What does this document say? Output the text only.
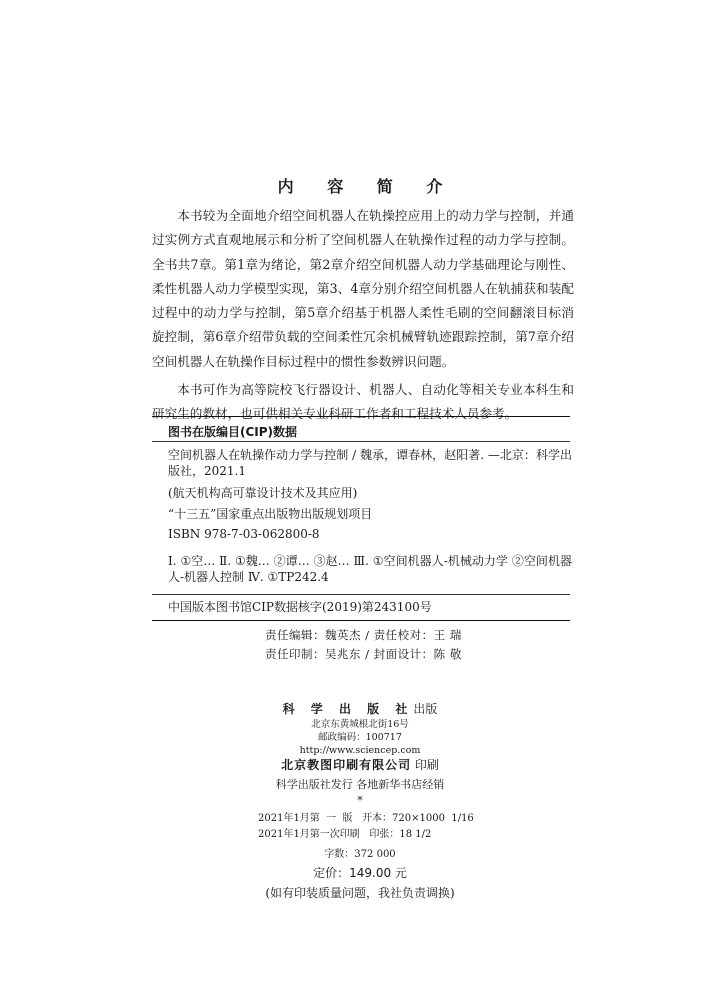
内 容 简 介

本书较为全面地介绍空间机器人在轨操控应用上的动力学与控制，并通过实例方式直观地展示和分析了空间机器人在轨操作过程的动力学与控制。全书共7章。第1章为绪论，第2章介绍空间机器人动力学基础理论与刚性、柔性机器人动力学模型实现，第3、4章分别介绍空间机器人在轨捕获和装配过程中的动力学与控制，第5章介绍基于机器人柔性毛刷的空间翻滚目标消旋控制，第6章介绍带负载的空间柔性冗余机械臂轨迹跟踪控制，第7章介绍空间机器人在轨操作目标过程中的惯性参数辨识问题。

本书可作为高等院校飞行器设计、机器人、自动化等相关专业本科生和研究生的教材，也可供相关专业科研工作者和工程技术人员参考。

图书在版编目(CIP)数据
空间机器人在轨操作动力学与控制 / 魏承，谭春林，赵阳著. —北京：科学出版社，2021.1
(航天机构高可靠设计技术及其应用)
“十三五”国家重点出版物出版规划项目
ISBN 978-7-03-062800-8
Ⅰ. ①空… Ⅱ. ①魏… ②谭… ③赵… Ⅲ. ①空间机器人-机械动力学 ②空间机器人-机器人控制 Ⅳ. ①TP242.4
中国版本图书馆CIP数据核字(2019)第243100号
责任编辑：魏英杰 / 责任校对：王 瑞
责任印制：吴兆东 / 封面设计：陈 敬
科 学 出 版 社出版
北京东黄城根北街16号
邮政编码：100717
http://www.sciencep.com
北京教图印刷有限公司 印刷
科学出版社发行 各地新华书店经销
*
2021年1月第  一  版   开本：720×1000  1/16
2021年1月第一次印刷   印张：18 1/2
字数：372 000
定价：149.00 元
(如有印装质量问题，我社负责调换)
